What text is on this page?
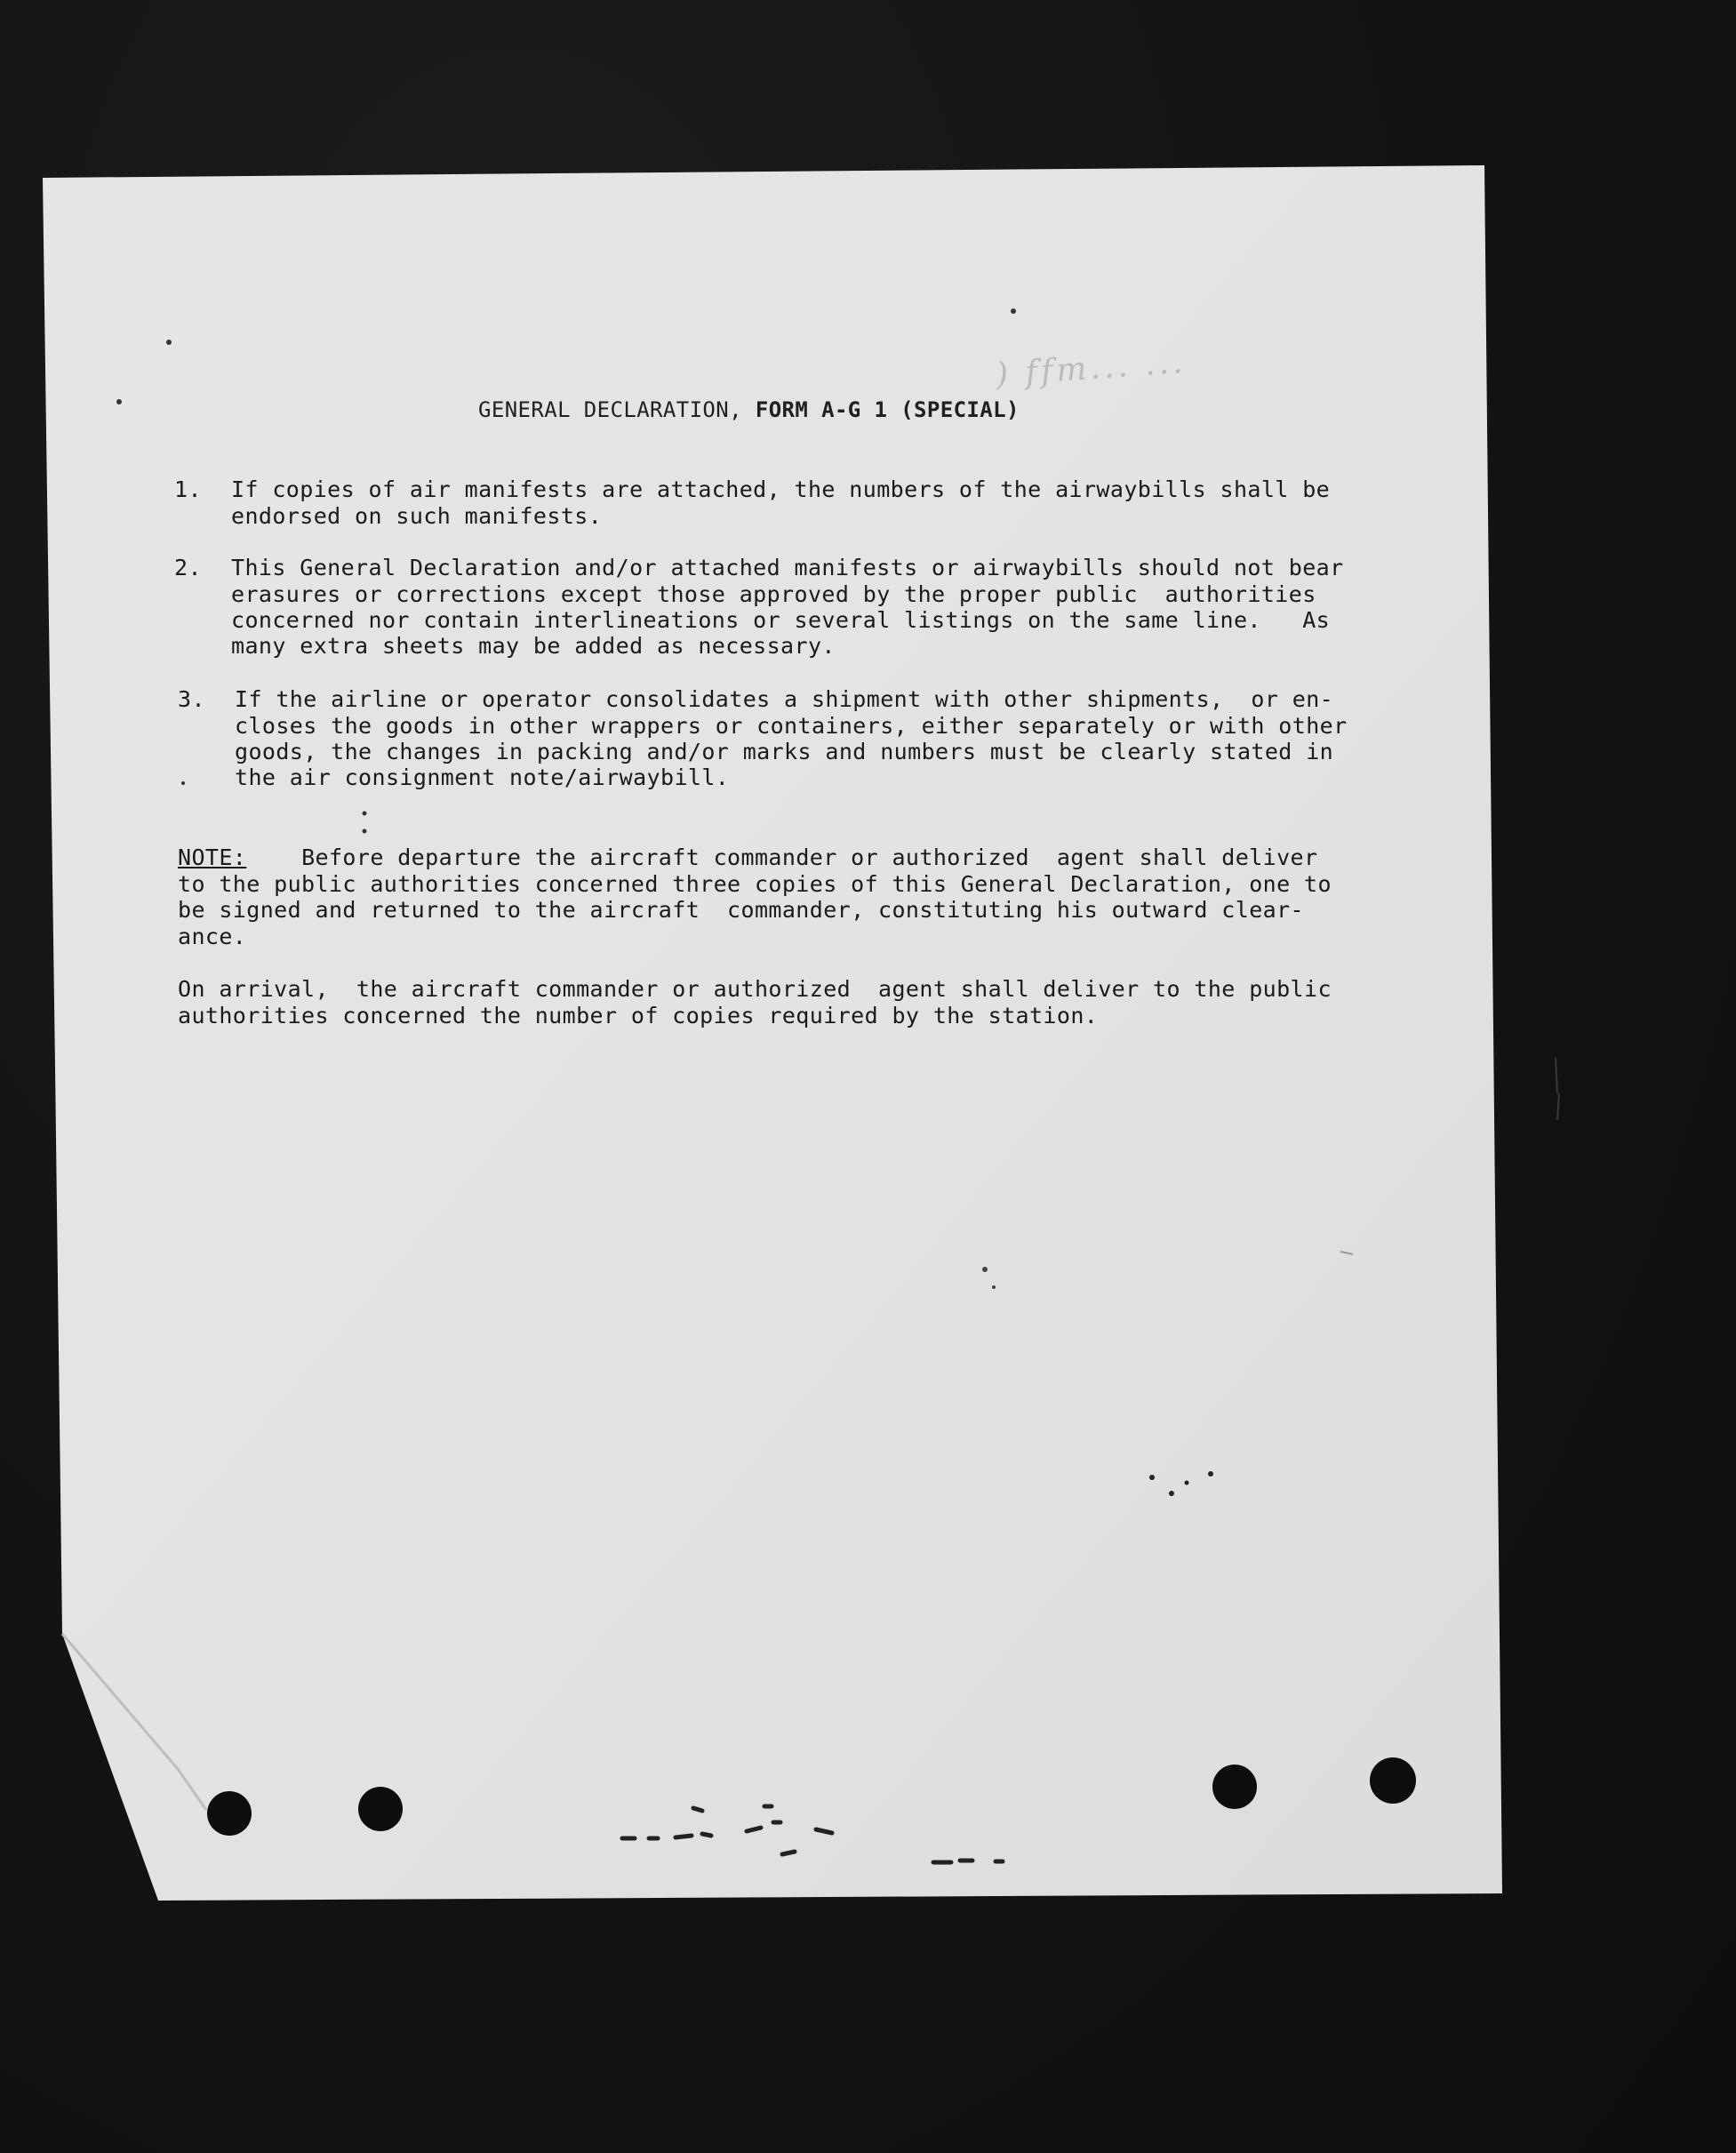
) ffm... ...
GENERAL DECLARATION, FORM A-G 1 (SPECIAL)

1.

If copies of air manifests are attached, the numbers of the airwaybills shall be

endorsed on such manifests.

2.

This General Declaration and/or attached manifests or airwaybills should not bear

erasures or corrections except those approved by the proper public  authorities

concerned nor contain interlineations or several listings on the same line.   As

many extra sheets may be added as necessary.

3.

If the airline or operator consolidates a shipment with other shipments,  or en-

closes the goods in other wrappers or containers, either separately or with other

goods, the changes in packing and/or marks and numbers must be clearly stated in

the air consignment note/airwaybill.

NOTE:    Before departure the aircraft commander or authorized  agent shall deliver

to the public authorities concerned three copies of this General Declaration, one to

be signed and returned to the aircraft  commander, constituting his outward clear-

ance.

On arrival,  the aircraft commander or authorized  agent shall deliver to the public

authorities concerned the number of copies required by the station.
